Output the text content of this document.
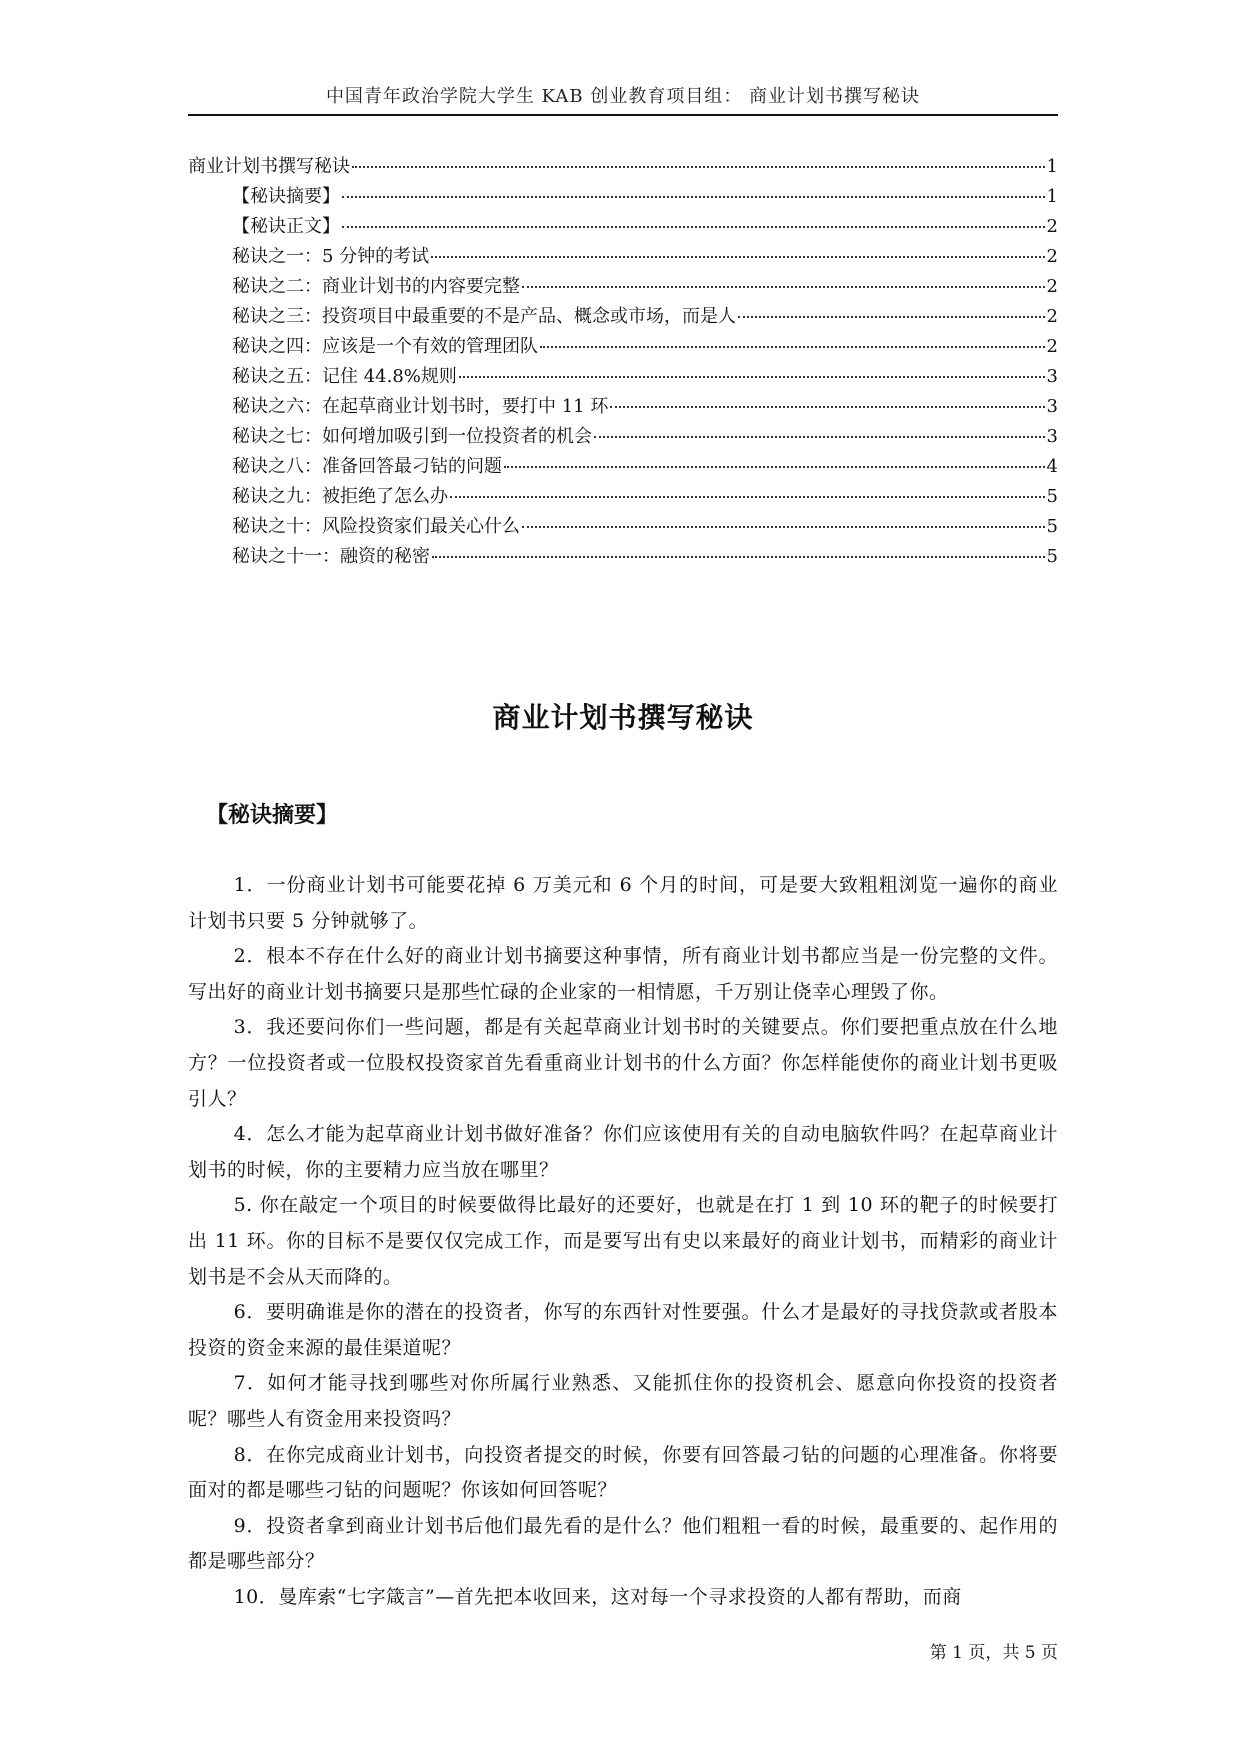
中国青年政治学院大学生 KAB 创业教育项目组： 商业计划书撰写秘诀
商业计划书撰写秘诀	1
【秘诀摘要】	1
【秘诀正文】	2
秘诀之一：5 分钟的考试	2
秘诀之二：商业计划书的内容要完整	2
秘诀之三：投资项目中最重要的不是产品、概念或市场，而是人	2
秘诀之四：应该是一个有效的管理团队	2
秘诀之五：记住 44.8%规则	3
秘诀之六：在起草商业计划书时，要打中 11 环	3
秘诀之七：如何增加吸引到一位投资者的机会	3
秘诀之八：准备回答最刁钻的问题	4
秘诀之九：被拒绝了怎么办	5
秘诀之十：风险投资家们最关心什么	5
秘诀之十一：融资的秘密	5
商业计划书撰写秘诀
【秘诀摘要】

1．一份商业计划书可能要花掉 6 万美元和 6 个月的时间，可是要大致粗粗浏览一遍你的商业计划书只要 5 分钟就够了。

2．根本不存在什么好的商业计划书摘要这种事情，所有商业计划书都应当是一份完整的文件。写出好的商业计划书摘要只是那些忙碌的企业家的一相情愿，千万别让侥幸心理毁了你。

3．我还要问你们一些问题，都是有关起草商业计划书时的关键要点。你们要把重点放在什么地方？一位投资者或一位股权投资家首先看重商业计划书的什么方面？你怎样能使你的商业计划书更吸引人？

4．怎么才能为起草商业计划书做好准备？你们应该使用有关的自动电脑软件吗？在起草商业计划书的时候，你的主要精力应当放在哪里？

5. 你在敲定一个项目的时候要做得比最好的还要好，也就是在打 1 到 10 环的靶子的时候要打出 11 环。你的目标不是要仅仅完成工作，而是要写出有史以来最好的商业计划书，而精彩的商业计划书是不会从天而降的。

6．要明确谁是你的潜在的投资者，你写的东西针对性要强。什么才是最好的寻找贷款或者股本投资的资金来源的最佳渠道呢？

7．如何才能寻找到哪些对你所属行业熟悉、又能抓住你的投资机会、愿意向你投资的投资者呢？哪些人有资金用来投资吗？

8．在你完成商业计划书，向投资者提交的时候，你要有回答最刁钻的问题的心理准备。你将要面对的都是哪些刁钻的问题呢？你该如何回答呢？

9．投资者拿到商业计划书后他们最先看的是什么？他们粗粗一看的时候，最重要的、起作用的都是哪些部分？

10．曼库索“七字箴言”—首先把本收回来，这对每一个寻求投资的人都有帮助，而商

第 1 页，共 5 页
